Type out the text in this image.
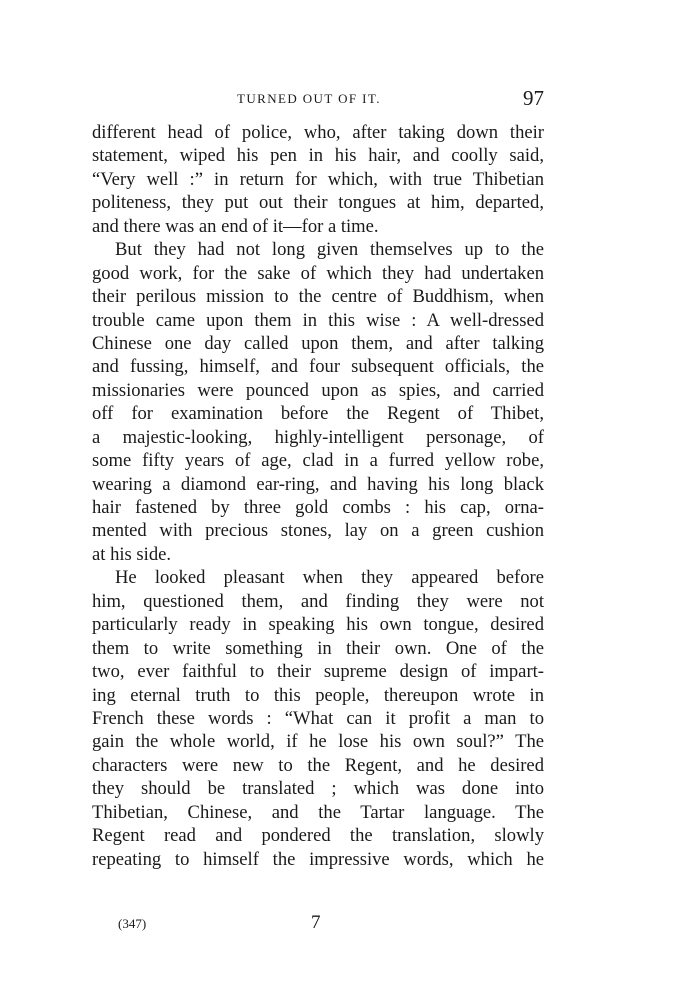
TURNED OUT OF IT.	97
different head of police, who, after taking down their
statement, wiped his pen in his hair, and coolly said,
“Very well :” in return for which, with true Thibetian
politeness, they put out their tongues at him, departed,
and there was an end of it—for a time.
But they had not long given themselves up to the
good work, for the sake of which they had undertaken
their perilous mission to the centre of Buddhism, when
trouble came upon them in this wise : A well-dressed
Chinese one day called upon them, and after talking
and fussing, himself, and four subsequent officials, the
missionaries were pounced upon as spies, and carried
off for examination before the Regent of Thibet,
a majestic-looking, highly-intelligent personage, of
some fifty years of age, clad in a furred yellow robe,
wearing a diamond ear-ring, and having his long black
hair fastened by three gold combs : his cap, orna-
mented with precious stones, lay on a green cushion
at his side.
He looked pleasant when they appeared before
him, questioned them, and finding they were not
particularly ready in speaking his own tongue, desired
them to write something in their own. One of the
two, ever faithful to their supreme design of impart-
ing eternal truth to this people, thereupon wrote in
French these words : “What can it profit a man to
gain the whole world, if he lose his own soul?” The
characters were new to the Regent, and he desired
they should be translated ; which was done into
Thibetian, Chinese, and the Tartar language. The
Regent read and pondered the translation, slowly
repeating to himself the impressive words, which he
(347)	7
